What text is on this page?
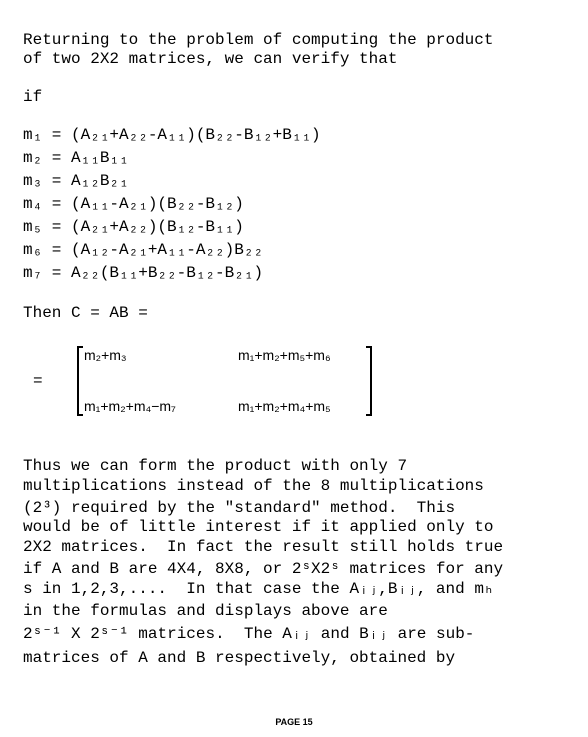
Returning to the problem of computing the product
of two 2X2 matrices, we can verify that
if
m₁ = (A₂₁+A₂₂-A₁₁)(B₂₂-B₁₂+B₁₁)
m₂ = A₁₁B₁₁
m₃ = A₁₂B₂₁
m₄ = (A₁₁-A₂₁)(B₂₂-B₁₂)
m₅ = (A₂₁+A₂₂)(B₁₂-B₁₁)
m₆ = (A₁₂-A₂₁+A₁₁-A₂₂)B₂₂
m₇ = A₂₂(B₁₁+B₂₂-B₁₂-B₂₁)
Then C = AB =
=
m₂+m₃	m₁+m₂+m₅+m₆
m₁+m₂+m₄−m₇	m₁+m₂+m₄+m₅
Thus we can form the product with only 7
multiplications instead of the 8 multiplications
(2³) required by the "standard" method.  This
would be of little interest if it applied only to
2X2 matrices.  In fact the result still holds true
if A and B are 4X4, 8X8, or 2ˢX2ˢ matrices for any
s in 1,2,3,....  In that case the Aᵢⱼ,Bᵢⱼ, and mₕ
in the formulas and displays above are
2ˢ⁻¹ X 2ˢ⁻¹ matrices.  The Aᵢⱼ and Bᵢⱼ are sub-
matrices of A and B respectively, obtained by
PAGE 15
